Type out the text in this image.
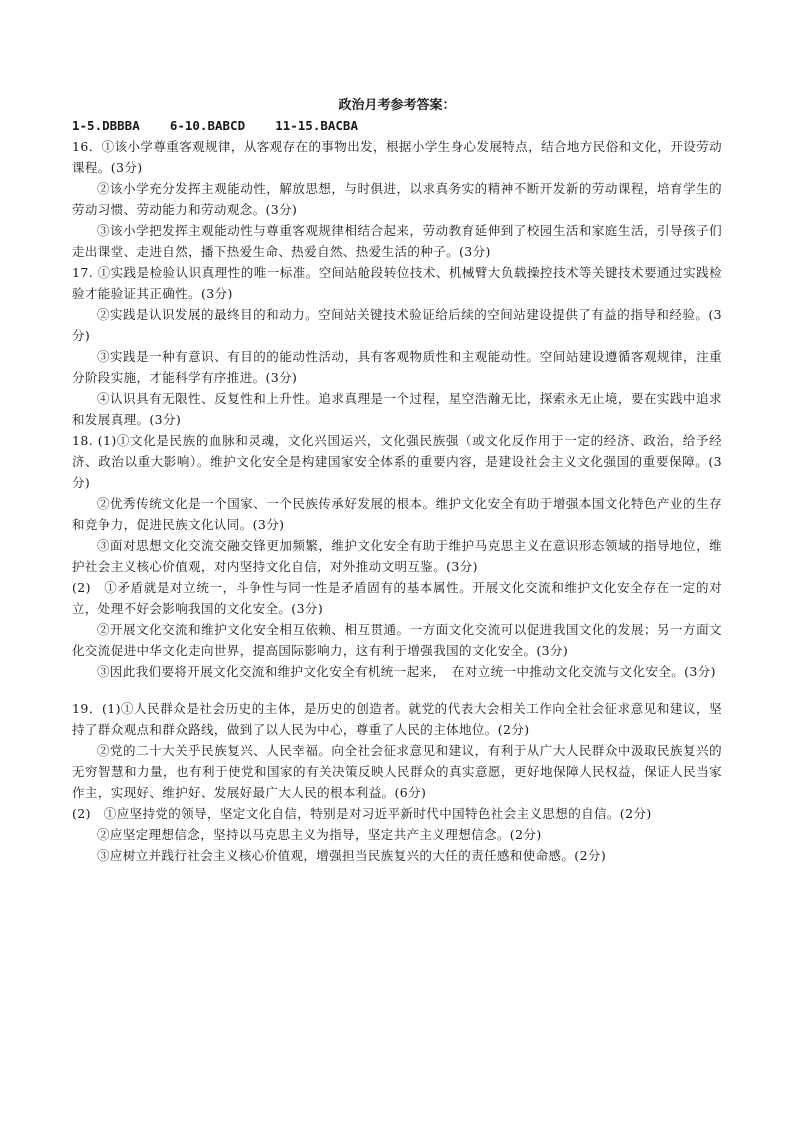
政治月考参考答案：
1-5.DBBBA    6-10.BABCD    11-15.BACBA

16．①该小学尊重客观规律，从客观存在的事物出发，根据小学生身心发展特点，结合地方民俗和文化，开设劳动课程。(3分)

②该小学充分发挥主观能动性，解放思想，与时俱进，以求真务实的精神不断开发新的劳动课程，培育学生的劳动习惯、劳动能力和劳动观念。(3分)

③该小学把发挥主观能动性与尊重客观规律相结合起来，劳动教育延伸到了校园生活和家庭生活，引导孩子们走出课堂、走进自然，播下热爱生命、热爱自然、热爱生活的种子。(3分)

17. ①实践是检验认识真理性的唯一标准。空间站舱段转位技术、机械臂大负载操控技术等关键技术要通过实践检验才能验证其正确性。(3分)

②实践是认识发展的最终目的和动力。空间站关键技术验证给后续的空间站建设提供了有益的指导和经验。(3分)

③实践是一种有意识、有目的的能动性活动，具有客观物质性和主观能动性。空间站建设遵循客观规律，注重分阶段实施，才能科学有序推进。(3分)

④认识具有无限性、反复性和上升性。追求真理是一个过程，星空浩瀚无比，探索永无止境，要在实践中追求和发展真理。(3分)

18. (1)①文化是民族的血脉和灵魂，文化兴国运兴，文化强民族强（或文化反作用于一定的经济、政治，给予经济、政治以重大影响）。维护文化安全是构建国家安全体系的重要内容，是建设社会主义文化强国的重要保障。(3分)

②优秀传统文化是一个国家、一个民族传承好发展的根本。维护文化安全有助于增强本国文化特色产业的生存和竞争力，促进民族文化认同。(3分)

③面对思想文化交流交融交锋更加频繁，维护文化安全有助于维护马克思主义在意识形态领域的指导地位，维护社会主义核心价值观，对内坚持文化自信，对外推动文明互鉴。(3分)

(2)　①矛盾就是对立统一，斗争性与同一性是矛盾固有的基本属性。开展文化交流和维护文化安全存在一定的对立，处理不好会影响我国的文化安全。(3分)

②开展文化交流和维护文化安全相互依赖、相互贯通。一方面文化交流可以促进我国文化的发展；另一方面文化交流促进中华文化走向世界，提高国际影响力，这有利于增强我国的文化安全。(3分)

③因此我们要将开展文化交流和维护文化安全有机统一起来，　在对立统一中推动文化交流与文化安全。(3分)

19．(1)①人民群众是社会历史的主体，是历史的创造者。就党的代表大会相关工作向全社会征求意见和建议，坚持了群众观点和群众路线，做到了以人民为中心，尊重了人民的主体地位。(2分)

②党的二十大关乎民族复兴、人民幸福。向全社会征求意见和建议，有利于从广大人民群众中汲取民族复兴的无穷智慧和力量，也有利于使党和国家的有关决策反映人民群众的真实意愿，更好地保障人民权益，保证人民当家作主，实现好、维护好、发展好最广大人民的根本利益。(6分)

(2)　①应坚持党的领导，坚定文化自信，特别是对习近平新时代中国特色社会主义思想的自信。(2分)

②应坚定理想信念，坚持以马克思主义为指导，坚定共产主义理想信念。(2分)

③应树立并践行社会主义核心价值观，增强担当民族复兴的大任的责任感和使命感。(2分)
